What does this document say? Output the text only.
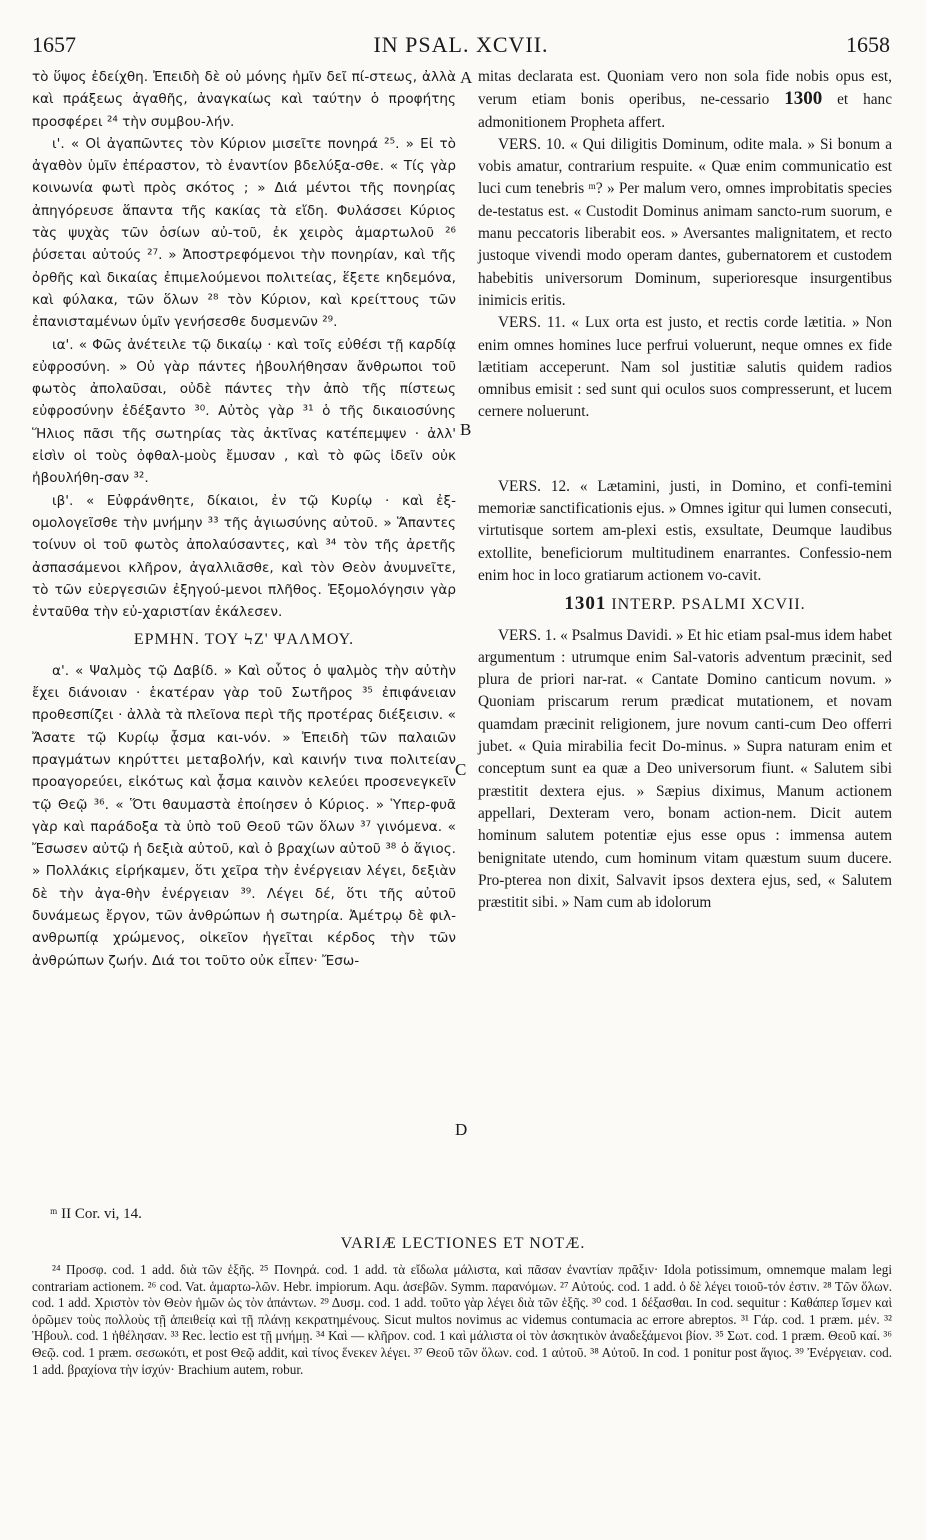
1657	IN PSAL. XCVII.	1658
A
B
C
D

τὸ ὕψος ἐδείχθη. Ἐπειδὴ δὲ οὐ μόνης ἡμῖν δεῖ πί-στεως, ἀλλὰ καὶ πράξεως ἀγαθῆς, ἀναγκαίως καὶ ταύτην ὁ προφήτης προσφέρει ²⁴ τὴν συμβου-λήν.

ι'. « Οἱ ἀγαπῶντες τὸν Κύριον μισεῖτε πονηρά ²⁵. » Εἰ τὸ ἀγαθὸν ὑμῖν ἐπέραστον, τὸ ἐναντίον βδελύξα-σθε. « Τίς γὰρ κοινωνία φωτὶ πρὸς σκότος ; » Διά μέντοι τῆς πονηρίας ἀπηγόρευσε ἅπαντα τῆς κακίας τὰ εἴδη. Φυλάσσει Κύριος τὰς ψυχὰς τῶν ὁσίων αὐ-τοῦ, ἐκ χειρὸς ἁμαρτωλοῦ ²⁶ ῥύσεται αὐτούς ²⁷. » Ἀποστρεφόμενοι τὴν πονηρίαν, καὶ τῆς ὀρθῆς καὶ δικαίας ἐπιμελούμενοι πολιτείας, ἕξετε κηδεμόνα, καὶ φύλακα, τῶν ὅλων ²⁸ τὸν Κύριον, καὶ κρείττους τῶν ἐπανισταμένων ὑμῖν γενήσεσθε δυσμενῶν ²⁹.

ια'. « Φῶς ἀνέτειλε τῷ δικαίῳ · καὶ τοῖς εὐθέσι τῇ καρδίᾳ εὐφροσύνη. » Οὐ γὰρ πάντες ἠβουλήθησαν ἄνθρωποι τοῦ φωτὸς ἀπολαῦσαι, οὐδὲ πάντες τὴν ἀπὸ τῆς πίστεως εὐφροσύνην ἐδέξαντο ³⁰. Αὐτὸς γὰρ ³¹ ὁ τῆς δικαιοσύνης Ἥλιος πᾶσι τῆς σωτηρίας τὰς ἀκτῖνας κατέπεμψεν · ἀλλ' εἰσὶν οἱ τοὺς ὀφθαλ-μοὺς ἔμυσαν , καὶ τὸ φῶς ἰδεῖν οὐκ ἠβουλήθη-σαν ³².

ιβ'. « Εὐφράνθητε, δίκαιοι, ἐν τῷ Κυρίῳ · καὶ ἐξ-ομολογεῖσθε τὴν μνήμην ³³ τῆς ἁγιωσύνης αὐτοῦ. » Ἅπαντες τοίνυν οἱ τοῦ φωτὸς ἀπολαύσαντες, καὶ ³⁴ τὸν τῆς ἀρετῆς ἀσπασάμενοι κλῆρον, ἀγαλλιᾶσθε, καὶ τὸν Θεὸν ἀνυμνεῖτε, τὸ τῶν εὐεργεσιῶν ἐξηγού-μενοι πλῆθος. Ἐξομολόγησιν γὰρ ἐνταῦθα τὴν εὐ-χαριστίαν ἐκάλεσεν.

ΕΡΜΗΝ. ΤΟΥ ϞΖ' ΨΑΛΜΟΥ.

α'. « Ψαλμὸς τῷ Δαβίδ. » Καὶ οὗτος ὁ ψαλμὸς τὴν αὐτὴν ἔχει διάνοιαν · ἑκατέραν γὰρ τοῦ Σωτῆρος ³⁵ ἐπιφάνειαν προθεσπίζει · ἀλλὰ τὰ πλεῖονα περὶ τῆς προτέρας διέξεισιν. « Ἄσατε τῷ Κυρίῳ ᾆσμα και-νόν. » Ἐπειδὴ τῶν παλαιῶν πραγμάτων κηρύττει μεταβολήν, καὶ καινήν τινα πολιτείαν προαγορεύει, εἰκότως καὶ ᾆσμα καινὸν κελεύει προσενεγκεῖν τῷ Θεῷ ³⁶. « Ὅτι θαυμαστὰ ἐποίησεν ὁ Κύριος. » Ὑπερ-φυᾶ γὰρ καὶ παράδοξα τὰ ὑπὸ τοῦ Θεοῦ τῶν ὅλων ³⁷ γινόμενα. « Ἔσωσεν αὐτῷ ἡ δεξιὰ αὐτοῦ, καὶ ὁ βραχίων αὐτοῦ ³⁸ ὁ ἅγιος. » Πολλάκις εἰρήκαμεν, ὅτι χεῖρα τὴν ἐνέργειαν λέγει, δεξιὰν δὲ τὴν ἀγα-θὴν ἐνέργειαν ³⁹. Λέγει δέ, ὅτι τῆς αὐτοῦ δυνάμεως ἔργον, τῶν ἀνθρώπων ἡ σωτηρία. Ἀμέτρῳ δὲ φιλ-ανθρωπίᾳ χρώμενος, οἰκεῖον ἡγεῖται κέρδος τὴν τῶν ἀνθρώπων ζωήν. Διά τοι τοῦτο οὐκ εἶπεν· Ἔσω-

mitas declarata est. Quoniam vero non sola fide nobis opus est, verum etiam bonis operibus, ne-cessario 1300 et hanc admonitionem Propheta affert.

VERS. 10. « Qui diligitis Dominum, odite mala. » Si bonum a vobis amatur, contrarium respuite. « Quæ enim communicatio est luci cum tenebris ᵐ? » Per malum vero, omnes improbitatis species de-testatus est. « Custodit Dominus animam sancto-rum suorum, e manu peccatoris liberabit eos. » Aversantes malignitatem, et recto justoque vivendi modo operam dantes, gubernatorem et custodem habebitis universorum Dominum, superioresque insurgentibus inimicis eritis.

VERS. 11. « Lux orta est justo, et rectis corde lætitia. » Non enim omnes homines luce perfrui voluerunt, neque omnes ex fide lætitiam acceperunt. Nam sol justitiæ salutis quidem radios omnibus emisit : sed sunt qui oculos suos compresserunt, et lucem cernere noluerunt.

VERS. 12. « Lætamini, justi, in Domino, et confi-temini memoriæ sanctificationis ejus. » Omnes igitur qui lumen consecuti, virtutisque sortem am-plexi estis, exsultate, Deumque laudibus extollite, beneficiorum multitudinem enarrantes. Confessio-nem enim hoc in loco gratiarum actionem vo-cavit.

1301 INTERP. PSALMI XCVII.

VERS. 1. « Psalmus Davidi. » Et hic etiam psal-mus idem habet argumentum : utrumque enim Sal-vatoris adventum præcinit, sed plura de priori nar-rat. « Cantate Domino canticum novum. » Quoniam priscarum rerum prædicat mutationem, et novam quamdam præcinit religionem, jure novum canti-cum Deo offerri jubet. « Quia mirabilia fecit Do-minus. » Supra naturam enim et conceptum sunt ea quæ a Deo universorum fiunt. « Salutem sibi præstitit dextera ejus. » Sæpius diximus, Manum actionem appellari, Dexteram vero, bonam action-nem. Dicit autem hominum salutem potentiæ ejus esse opus : immensa autem benignitate utendo, cum hominum vitam quæstum suum ducere. Pro-pterea non dixit, Salvavit ipsos dextera ejus, sed, « Salutem præstitit sibi. » Nam cum ab idolorum

ᵐ II Cor. vi, 14.
VARIÆ LECTIONES ET NOTÆ.

²⁴ Προσφ. cod. 1 add. διὰ τῶν ἑξῆς. ²⁵ Πονηρά. cod. 1 add. τὰ εἴδωλα μάλιστα, καὶ πᾶσαν ἐναντίαν πρᾶξιν· Idola potissimum, omnemque malam legi contrariam actionem. ²⁶ cod. Vat. ἁμαρτω-λῶν. Hebr. impiorum. Aqu. ἀσεβῶν. Symm. παρανόμων. ²⁷ Αὐτούς. cod. 1 add. ὁ δὲ λέγει τοιοῦ-τόν ἐστιν. ²⁸ Τῶν ὅλων. cod. 1 add. Χριστὸν τὸν Θεὸν ἡμῶν ὡς τὸν ἁπάντων. ²⁹ Δυσμ. cod. 1 add. τοῦτο γὰρ λέγει διὰ τῶν ἑξῆς. ³⁰ cod. 1 δέξασθαι. In cod. sequitur : Καθάπερ ἴσμεν καὶ ὁρῶμεν τοὺς πολλοὺς τῇ ἀπειθείᾳ καὶ τῇ πλάνῃ κεκρατημένους. Sicut multos novimus ac videmus contumacia ac errore abreptos. ³¹ Γάρ. cod. 1 præm. μέν. ³² Ἠβουλ. cod. 1 ἠθέλησαν. ³³ Rec. lectio est τῇ μνήμῃ. ³⁴ Καὶ — κλῆρον. cod. 1 καὶ μάλιστα οἱ τὸν ἀσκητικὸν ἀναδεξάμενοι βίον. ³⁵ Σωτ. cod. 1 præm. Θεοῦ καί. ³⁶ Θεῷ. cod. 1 præm. σεσωκότι, et post Θεῷ addit, καὶ τίνος ἕνεκεν λέγει. ³⁷ Θεοῦ τῶν ὅλων. cod. 1 αὐτοῦ. ³⁸ Αὐτοῦ. In cod. 1 ponitur post ἅγιος. ³⁹ Ἐνέργειαν. cod. 1 add. βραχίονα τὴν ἰσχύν· Brachium autem, robur.
